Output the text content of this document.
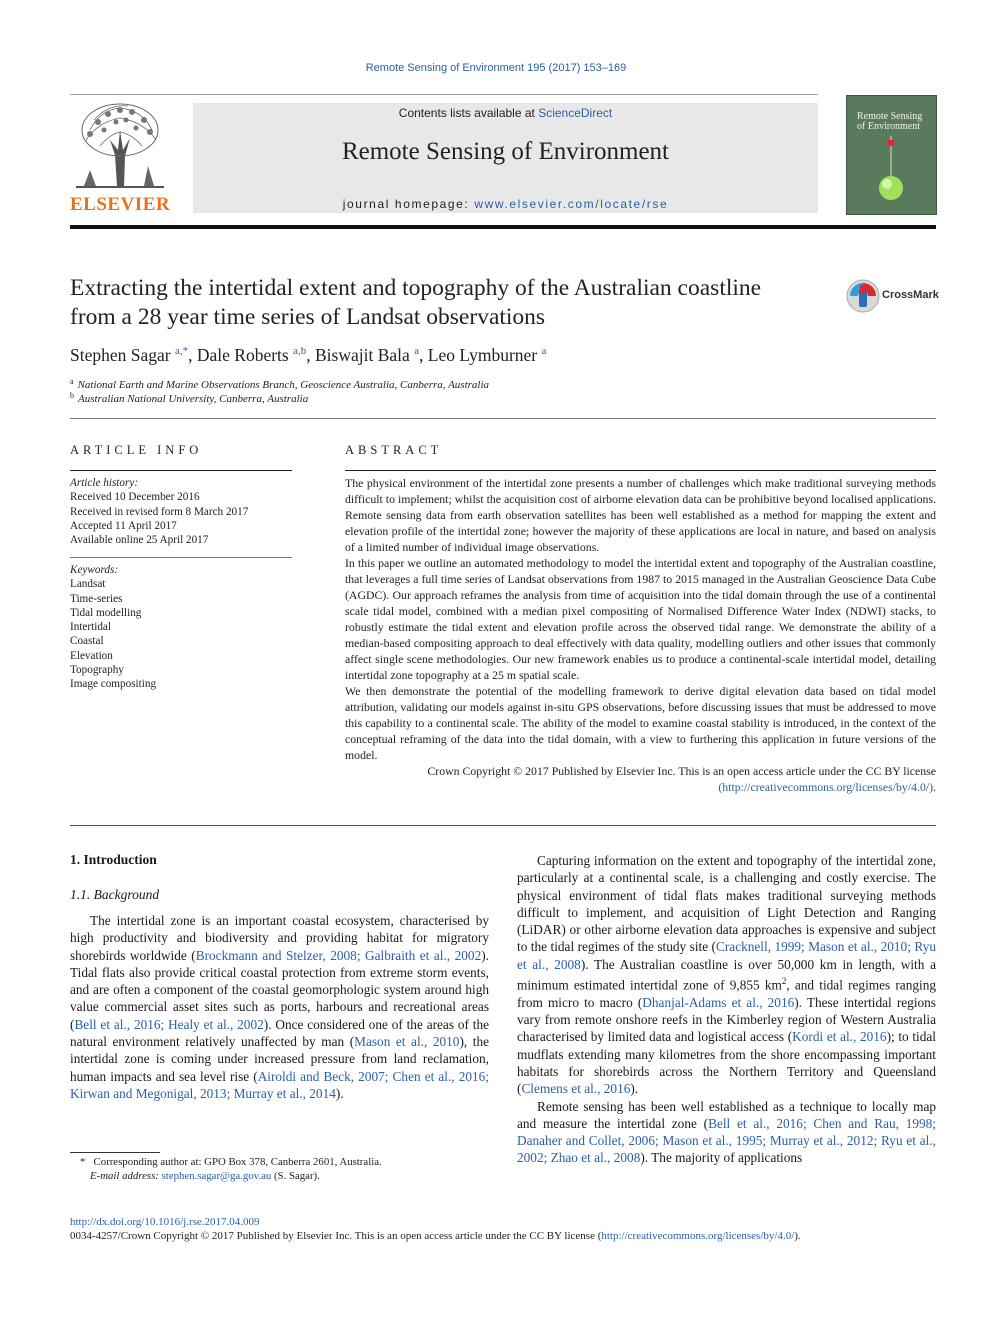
Remote Sensing of Environment 195 (2017) 153–169
ELSEVIER
Contents lists available at ScienceDirect
Remote Sensing of Environment
journal homepage: www.elsevier.com/locate/rse
Remote Sensing of Environment
Extracting the intertidal extent and topography of the Australian coastline from a 28 year time series of Landsat observations
CrossMark
Stephen Sagar $^{a,*}$, Dale Roberts $^{a,b}$, Biswajit Bala $^a$, Leo Lymburner $^a$
$^a$ National Earth and Marine Observations Branch, Geoscience Australia, Canberra, Australia
$^b$ Australian National University, Canberra, Australia
ARTICLE INFO
Article history:
Received 10 December 2016
Received in revised form 8 March 2017
Accepted 11 April 2017
Available online 25 April 2017
Keywords:
Landsat
Time-series
Tidal modelling
Intertidal
Coastal
Elevation
Topography
Image compositing
ABSTRACT

The physical environment of the intertidal zone presents a number of challenges which make traditional surveying methods difficult to implement; whilst the acquisition cost of airborne elevation data can be prohibitive beyond localised applications. Remote sensing data from earth observation satellites has been well established as a method for mapping the extent and elevation profile of the intertidal zone; however the majority of these applications are local in nature, and based on analysis of a limited number of individual image observations.

In this paper we outline an automated methodology to model the intertidal extent and topography of the Australian coastline, that leverages a full time series of Landsat observations from 1987 to 2015 managed in the Australian Geoscience Data Cube (AGDC). Our approach reframes the analysis from time of acquisition into the tidal domain through the use of a continental scale tidal model, combined with a median pixel compositing of Normalised Difference Water Index (NDWI) stacks, to robustly estimate the tidal extent and elevation profile across the observed tidal range. We demonstrate the ability of a median-based compositing approach to deal effectively with data quality, modelling outliers and other issues that commonly affect single scene methodologies. Our new framework enables us to produce a continental-scale intertidal model, detailing intertidal zone topography at a 25 m spatial scale.

We then demonstrate the potential of the modelling framework to derive digital elevation data based on tidal model attribution, validating our models against in-situ GPS observations, before discussing issues that must be addressed to move this capability to a continental scale. The ability of the model to examine coastal stability is introduced, in the context of the conceptual reframing of the data into the tidal domain, with a view to furthering this application in future versions of the model.

Crown Copyright © 2017 Published by Elsevier Inc. This is an open access article under the CC BY license
(http://creativecommons.org/licenses/by/4.0/).
1. Introduction
1.1. Background

The intertidal zone is an important coastal ecosystem, characterised by high productivity and biodiversity and providing habitat for migratory shorebirds worldwide (Brockmann and Stelzer, 2008; Galbraith et al., 2002). Tidal flats also provide critical coastal protection from extreme storm events, and are often a component of the coastal geomorphologic system around high value commercial asset sites such as ports, harbours and recreational areas (Bell et al., 2016; Healy et al., 2002). Once considered one of the areas of the natural environment relatively unaffected by man (Mason et al., 2010), the intertidal zone is coming under increased pressure from land reclamation, human impacts and sea level rise (Airoldi and Beck, 2007; Chen et al., 2016; Kirwan and Megonigal, 2013; Murray et al., 2014).

Capturing information on the extent and topography of the intertidal zone, particularly at a continental scale, is a challenging and costly exercise. The physical environment of tidal flats makes traditional surveying methods difficult to implement, and acquisition of Light Detection and Ranging (LiDAR) or other airborne elevation data approaches is expensive and subject to the tidal regimes of the study site (Cracknell, 1999; Mason et al., 2010; Ryu et al., 2008). The Australian coastline is over 50,000 km in length, with a minimum estimated intertidal zone of 9,855 $km^2$, and tidal regimes ranging from micro to macro (Dhanjal-Adams et al., 2016). These intertidal regions vary from remote onshore reefs in the Kimberley region of Western Australia characterised by limited data and logistical access (Kordi et al., 2016); to tidal mudflats extending many kilometres from the shore encompassing important habitats for shorebirds across the Northern Territory and Queensland (Clemens et al., 2016).

Remote sensing has been well established as a technique to locally map and measure the intertidal zone (Bell et al., 2016; Chen and Rau, 1998; Danaher and Collet, 2006; Mason et al., 1995; Murray et al., 2012; Ryu et al., 2002; Zhao et al., 2008). The majority of applications

* Corresponding author at: GPO Box 378, Canberra 2601, Australia.
E-mail address: stephen.sagar@ga.gov.au (S. Sagar).
http://dx.doi.org/10.1016/j.rse.2017.04.009
0034-4257/Crown Copyright © 2017 Published by Elsevier Inc. This is an open access article under the CC BY license (http://creativecommons.org/licenses/by/4.0/).
